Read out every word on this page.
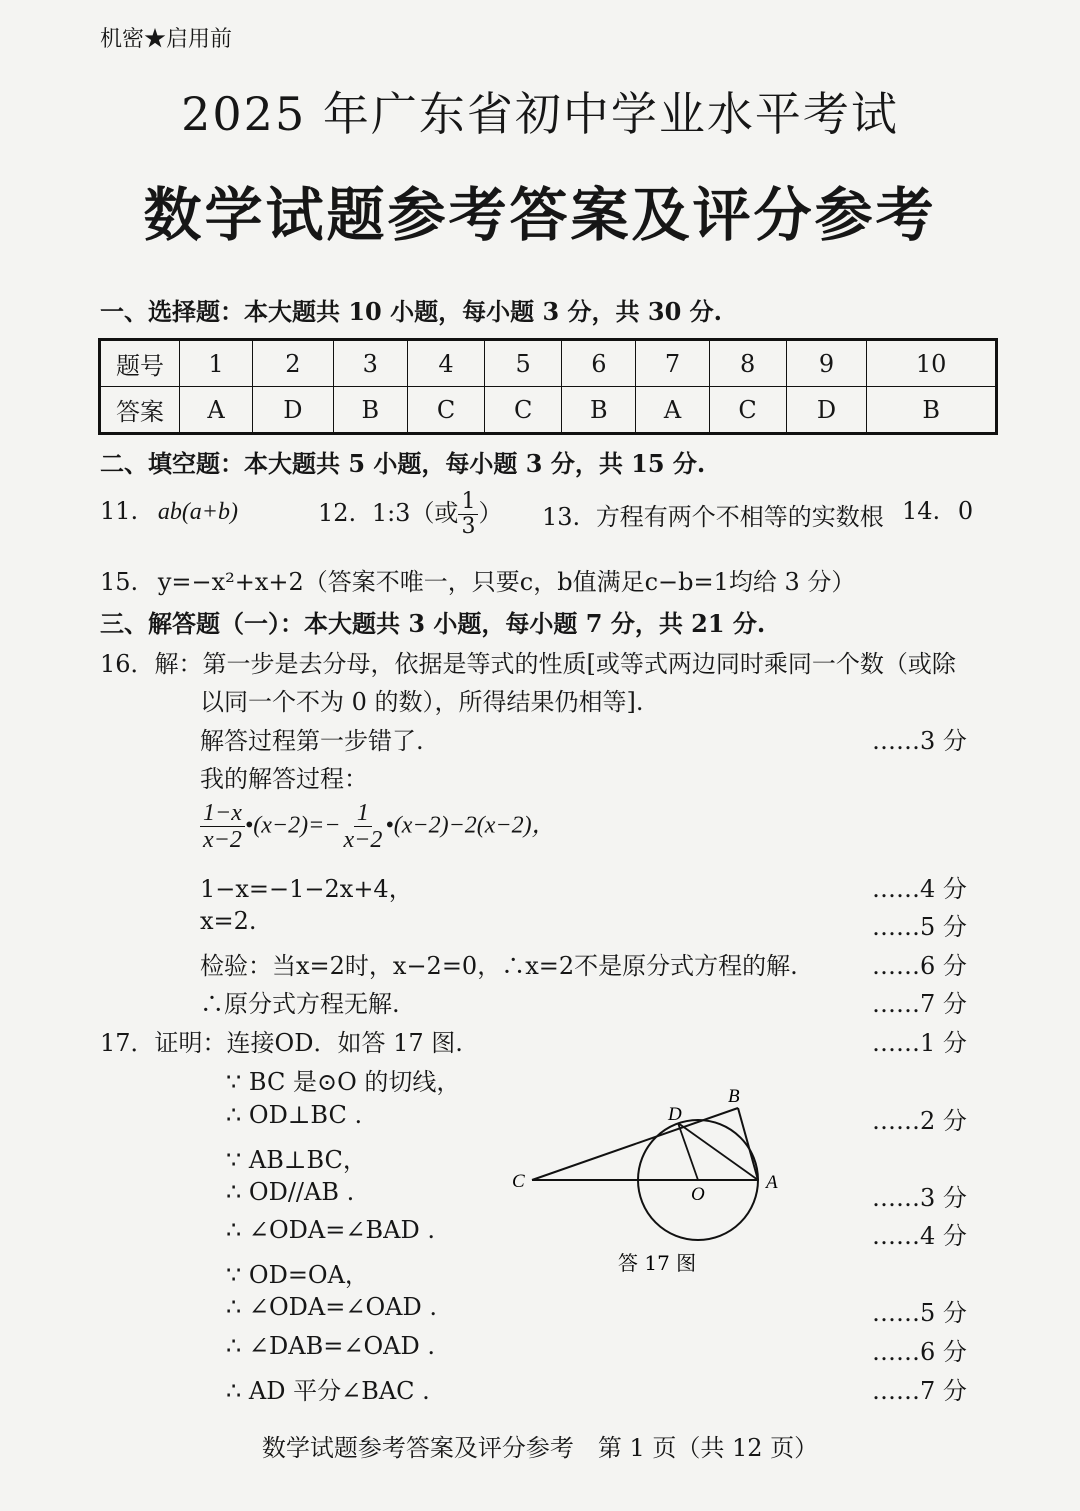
机密★启用前
2025 年广东省初中学业水平考试
数学试题参考答案及评分参考
一、选择题：本大题共 10 小题，每小题 3 分，共 30 分.
题号	1	2	3	4	5	6	7	8	9	10
答案	A	D	B	C	C	B	A	C	D	B
二、填空题：本大题共 5 小题，每小题 3 分，共 15 分.
11. ab(a+b)	12. 1:3（或 $\frac{1}{3}$ ） 13. 方程有两个不相等的实数根 14. 0
15. y=−x²+x+2（答案不唯一，只要c，b值满足c−b=1均给 3 分）
三、解答题（一）：本大题共 3 小题，每小题 7 分，共 21 分.
16．解：第一步是去分母，依据是等式的性质[或等式两边同时乘同一个数（或除
以同一个不为 0 的数），所得结果仍相等].
解答过程第一步错了.	……3 分
我的解答过程：
$\frac{1-x}{x-2}$ •(x−2)=− $\frac{1}{x-2}$ •(x−2)−2(x−2)，
1−x=−1−2x+4，	……4 分
x=2.	……5 分
检验：当x=2时，x−2=0，∴x=2不是原分式方程的解.	……6 分
∴原分式方程无解.	……7 分
17．证明：连接OD．如答 17 图.	……1 分
∵ BC 是⊙O 的切线，
∴ OD⊥BC .	……2 分
∵ AB⊥BC，
∴ OD//AB .	……3 分
∴ ∠ODA=∠BAD .	……4 分
∵ OD=OA，
∴ ∠ODA=∠OAD .	……5 分
∴ ∠DAB=∠OAD .	……6 分
∴ AD 平分∠BAC .	……7 分
B
D
C
O
A
答 17 图
数学试题参考答案及评分参考　第 1 页（共 12 页）
